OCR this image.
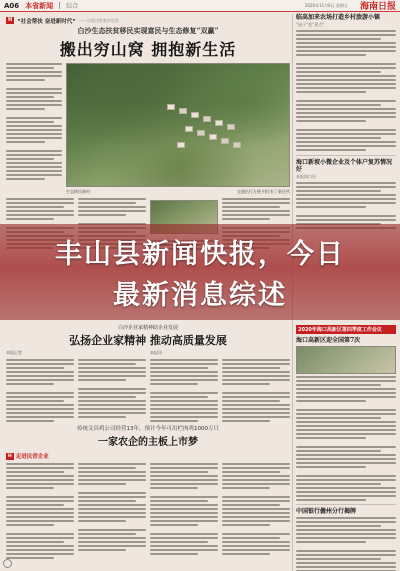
A06 本省新闻 综合	2020年11月6日 星期五 海南日报
H “社会帮扶 奋进新时代” ——决战决胜脱贫攻坚
白沙生态扶贫移民实现富民与生态修复“双赢”
搬出穷山窝 拥抱新生活
生态移民新村	交通出行方便 村民有了新住所

临高加来农场打造乡村旅游小镇
“园子”变“景点”
海口新坡小微企业及个体户复苏情况好
本报海口讯
丰山县新闻快报，今日
最新消息综述
2020年海口高新区第四季度工作会议
海口高新区迎全国第7次
中国银行儋州分行揭牌
白沙企业家精神助企业发展
弘扬企业家精神 推动高质量发展
本报记者	本报讯
传统文昌鸡公司经营13年，预计今年可出栏肉鸡1000万只
一家农企的主板上市梦
H 走进民营企业
